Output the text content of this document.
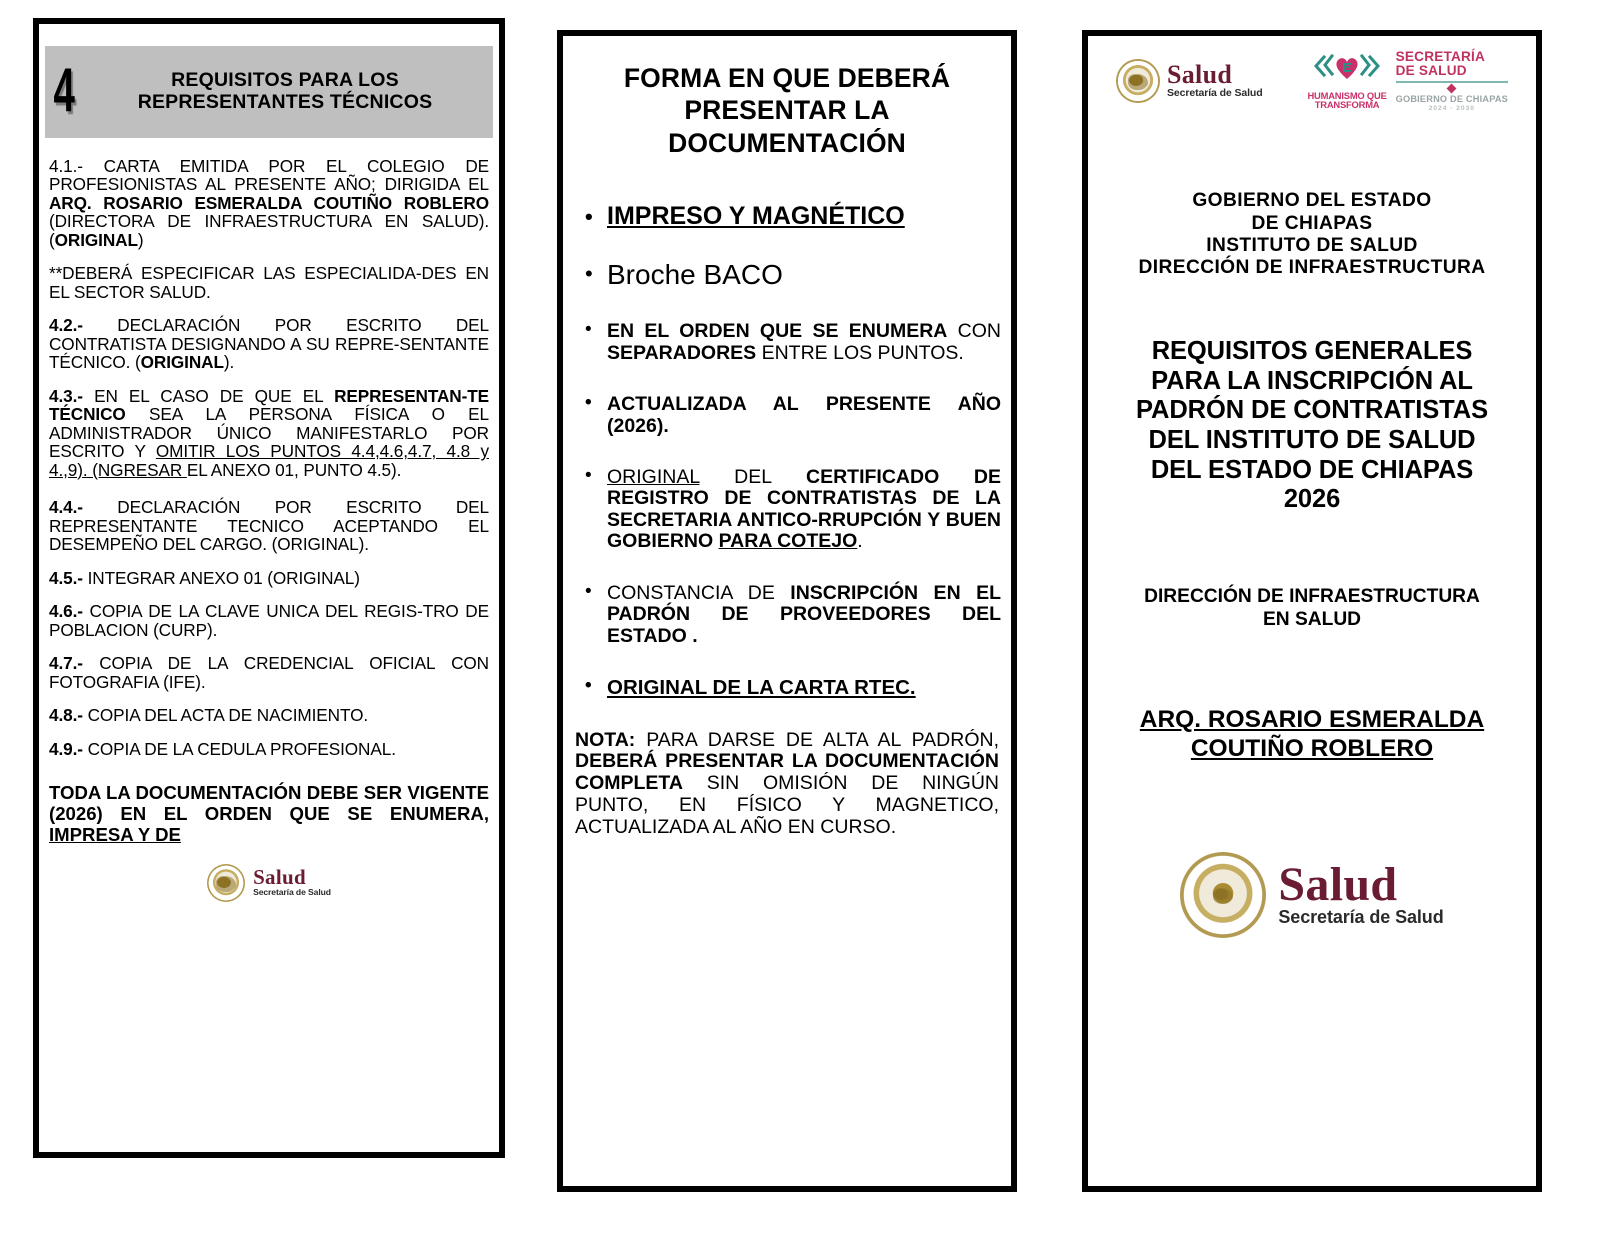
4	REQUISITOS PARA LOS
REPRESENTANTES TÉCNICOS

4.1.- CARTA EMITIDA POR EL COLEGIO DE PROFESIONISTAS AL PRESENTE AÑO; DIRIGIDA EL ARQ. ROSARIO ESMERALDA COUTIÑO ROBLERO (DIRECTORA DE INFRAESTRUCTURA EN SALUD). (ORIGINAL)

**DEBERÁ ESPECIFICAR LAS ESPECIALIDA-DES EN EL SECTOR SALUD.

4.2.- DECLARACIÓN POR ESCRITO DEL CONTRATISTA DESIGNANDO A SU REPRE-SENTANTE TÉCNICO. (ORIGINAL).

4.3.- EN EL CASO DE QUE EL REPRESENTAN-TE TÉCNICO SEA LA PERSONA FÍSICA O EL ADMINISTRADOR ÚNICO MANIFESTARLO POR ESCRITO Y OMITIR LOS PUNTOS 4.4,4.6,4.7, 4.8 y 4.,9). (NGRESAR EL ANEXO 01, PUNTO 4.5).

4.4.- DECLARACIÓN POR ESCRITO DEL REPRESENTANTE TECNICO ACEPTANDO EL DESEMPEÑO DEL CARGO. (ORIGINAL).

4.5.- INTEGRAR ANEXO 01 (ORIGINAL)

4.6.- COPIA DE LA CLAVE UNICA DEL REGIS-TRO DE POBLACION (CURP).

4.7.- COPIA DE LA CREDENCIAL OFICIAL CON FOTOGRAFIA (IFE).

4.8.- COPIA DEL ACTA DE NACIMIENTO.

4.9.- COPIA DE LA CEDULA PROFESIONAL.

TODA LA DOCUMENTACIÓN DEBE SER VIGENTE (2026) EN EL ORDEN QUE SE ENUMERA, IMPRESA Y DE

Salud
Secretaría de Salud
FORMA EN QUE DEBERÁ
PRESENTAR LA
DOCUMENTACIÓN
• IMPRESO Y MAGNÉTICO
• Broche BACO
• EN EL ORDEN QUE SE ENUMERA CON SEPARADORES ENTRE LOS PUNTOS.
• ACTUALIZADA AL PRESENTE AÑO (2026).
• ORIGINAL DEL CERTIFICADO DE REGISTRO DE CONTRATISTAS DE LA SECRETARIA ANTICO-RRUPCIÓN Y BUEN GOBIERNO PARA COTEJO.
• CONSTANCIA DE INSCRIPCIÓN EN EL PADRÓN DE PROVEEDORES DEL ESTADO .
• ORIGINAL DE LA CARTA RTEC.

NOTA: PARA DARSE DE ALTA AL PADRÓN, DEBERÁ PRESENTAR LA DOCUMENTACIÓN COMPLETA SIN OMISIÓN DE NINGÚN PUNTO, EN FÍSICO Y MAGNETICO, ACTUALIZADA AL AÑO EN CURSO.

Salud
Secretaría de Salud	HUMANISMO QUE
TRANSFORMA
SECRETARÍA
DE SALUD
GOBIERNO DE CHIAPAS
2024 - 2030
GOBIERNO DEL ESTADO
DE CHIAPAS
INSTITUTO DE SALUD
DIRECCIÓN DE INFRAESTRUCTURA
REQUISITOS GENERALES
PARA LA INSCRIPCIÓN AL
PADRÓN DE CONTRATISTAS
DEL INSTITUTO DE SALUD
DEL ESTADO DE CHIAPAS
2026
DIRECCIÓN DE INFRAESTRUCTURA
EN SALUD
ARQ. ROSARIO ESMERALDA
COUTIÑO ROBLERO
Salud
Secretaría de Salud
